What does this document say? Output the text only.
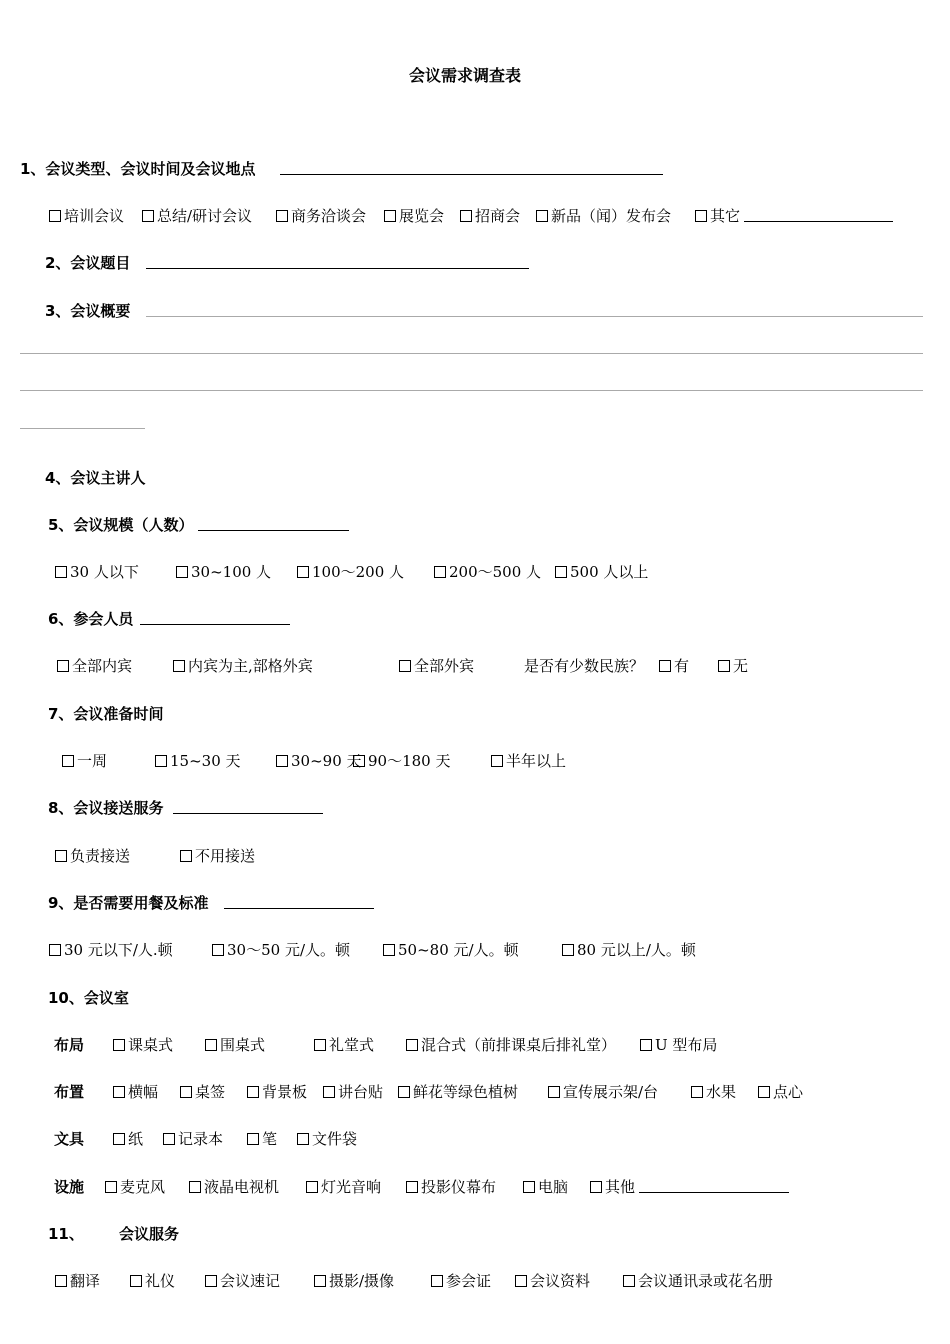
会议需求调查表
1、会议类型、会议时间及会议地点
培训会议	总结/研讨会议	商务洽谈会	展览会	招商会	新品（闻）发布会	其它
2、会议题目
3、会议概要
4、会议主讲人
5、会议规模（人数）
30 人以下	30~100 人	100～200 人	200～500 人	500 人以上
6、参会人员
全部内宾	内宾为主,部格外宾	全部外宾	是否有少数民族？	有	无
7、会议准备时间
一周	15~30 天	30~90 天 90～180 天	半年以上
8、会议接送服务
负责接送	不用接送
9、是否需要用餐及标准
30 元以下/人.顿	30～50 元/人。顿	50~80 元/人。顿	80 元以上/人。顿
10、会议室
布局	课桌式	围桌式	礼堂式	混合式（前排课桌后排礼堂）	U 型布局
布置	横幅	桌签	背景板	讲台贴	鲜花等绿色植树	宣传展示架/台	水果	点心
文具	纸	记录本	笔	文件袋
设施	麦克风	液晶电视机	灯光音响	投影仪幕布	电脑	其他
11、 会议服务
翻译	礼仪	会议速记	摄影/摄像	参会证	会议资料	会议通讯录或花名册
